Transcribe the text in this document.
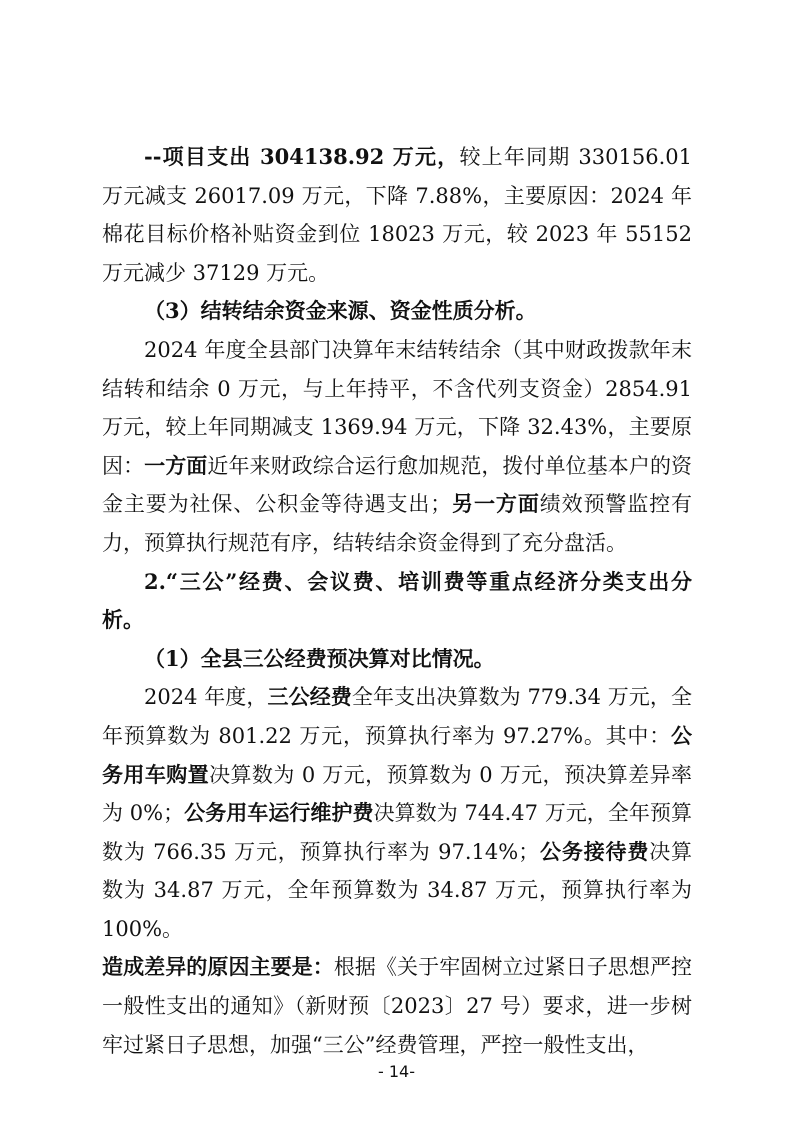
--项目支出 304138.92 万元，较上年同期 330156.01 万元减支 26017.09 万元，下降 7.88%，主要原因：2024 年棉花目标价格补贴资金到位 18023 万元，较 2023 年 55152 万元减少 37129 万元。

（3）结转结余资金来源、资金性质分析。

2024 年度全县部门决算年末结转结余（其中财政拨款年末结转和结余 0 万元，与上年持平，不含代列支资金）2854.91 万元，较上年同期减支 1369.94 万元，下降 32.43%，主要原因：一方面近年来财政综合运行愈加规范，拨付单位基本户的资金主要为社保、公积金等待遇支出；另一方面绩效预警监控有力，预算执行规范有序，结转结余资金得到了充分盘活。

2.“三公”经费、会议费、培训费等重点经济分类支出分析。

（1）全县三公经费预决算对比情况。

2024 年度，三公经费全年支出决算数为 779.34 万元，全年预算数为 801.22 万元，预算执行率为 97.27%。其中：公务用车购置决算数为 0 万元，预算数为 0 万元，预决算差异率为 0%；公务用车运行维护费决算数为 744.47 万元，全年预算数为 766.35 万元，预算执行率为 97.14%；公务接待费决算数为 34.87 万元，全年预算数为 34.87 万元，预算执行率为 100%。

造成差异的原因主要是：根据《关于牢固树立过紧日子思想严控一般性支出的通知》（新财预〔2023〕27 号）要求，进一步树牢过紧日子思想，加强“三公”经费管理，严控一般性支出，

- 14-
